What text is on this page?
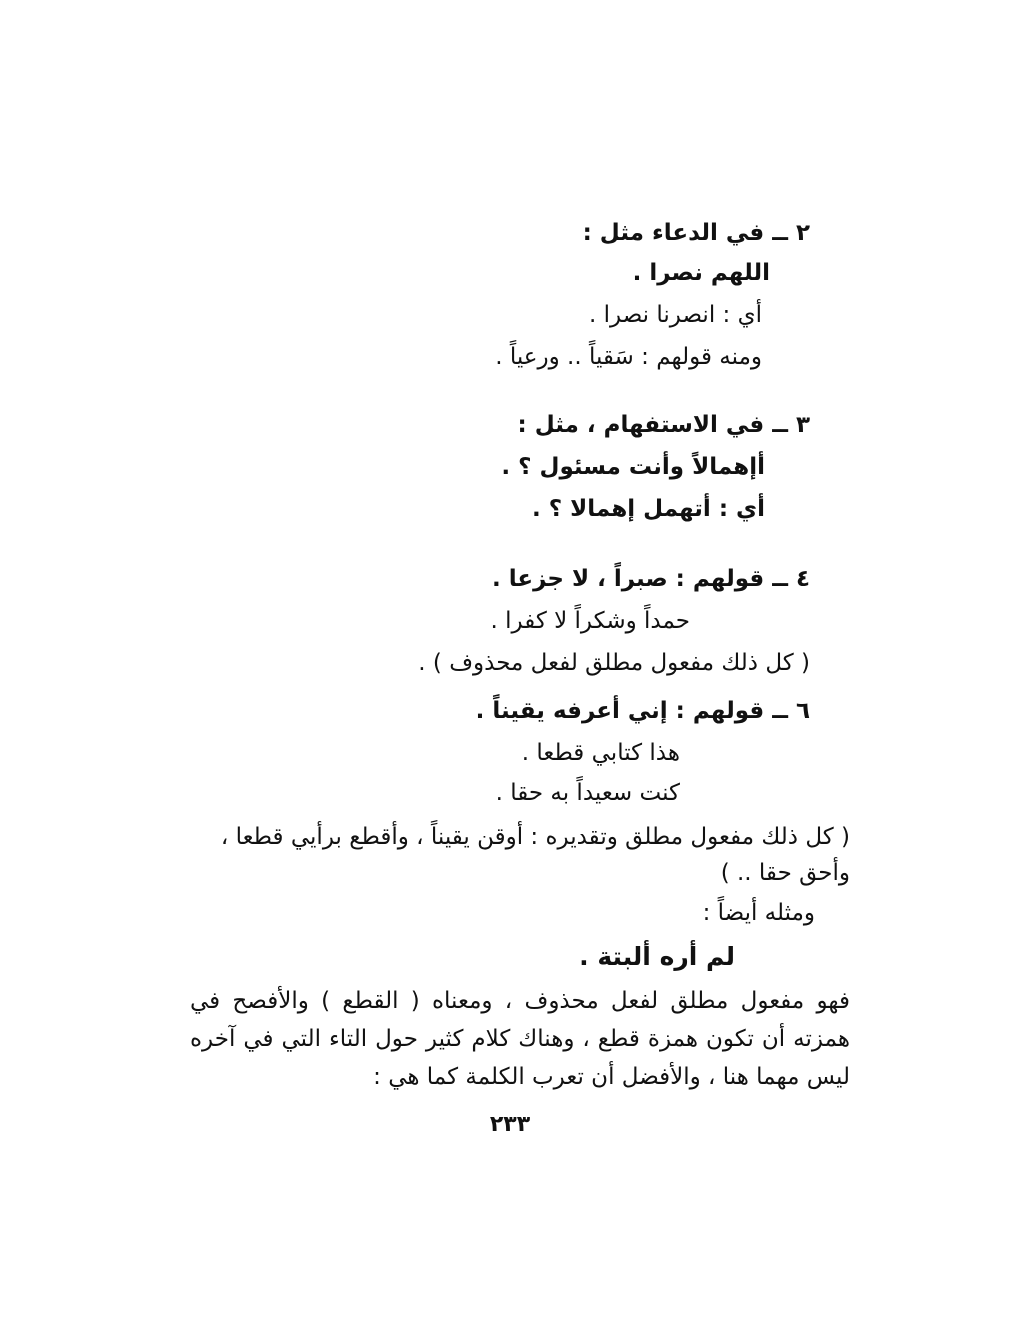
٢ ــ في الدعاء مثل :
اللهم نصرا .
أي : انصرنا نصرا .
ومنه قولهم : سَقياً .. ورعياً .
٣ ــ في الاستفهام ، مثل :
أإهمالاً وأنت مسئول ؟ .
أي : أتهمل إهمالا ؟ .
٤ ــ قولهم : صبراً ، لا جزعا .
حمداً وشكراً لا كفرا .
( كل ذلك مفعول مطلق لفعل محذوف ) .
٦ ــ قولهم : إني أعرفه يقيناً .
هذا كتابي قطعا .
كنت سعيداً به حقا .
( كل ذلك مفعول مطلق وتقديره : أوقن يقيناً ، وأقطع برأيي قطعا ،
وأحق حقا .. )
ومثله أيضاً :
لم أره ألبتة .
فهو مفعول مطلق لفعل محذوف ، ومعناه ( القطع ) والأفصح في همزته أن تكون همزة قطع ، وهناك كلام كثير حول التاء التي في آخره ليس مهما هنا ، والأفضل أن تعرب الكلمة كما هي :
٢٣٣
